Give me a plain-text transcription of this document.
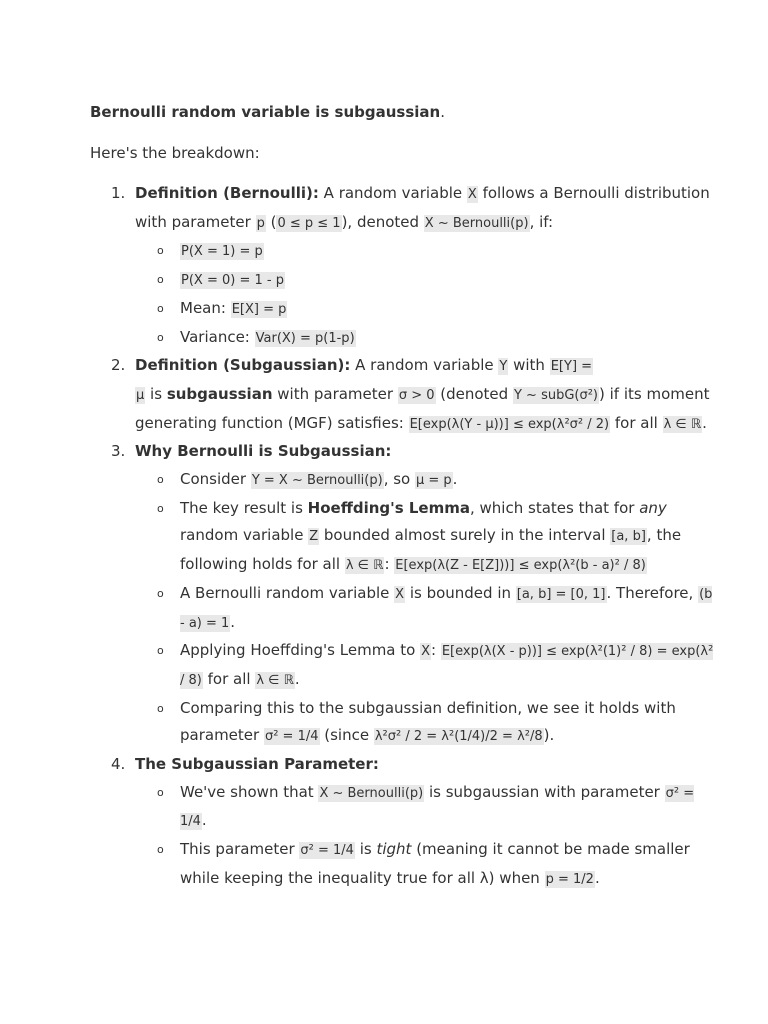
Bernoulli random variable is subgaussian.

Here's the breakdown:

1. Definition (Bernoulli): A random variable X follows a Bernoulli distribution with parameter p (0 ≤ p ≤ 1), denoted X ~ Bernoulli(p), if:
o P(X = 1) = p
o P(X = 0) = 1 - p
o Mean: E[X] = p
o Variance: Var(X) = p(1-p)
2. Definition (Subgaussian): A random variable Y with E[Y] =
μ is subgaussian with parameter σ > 0 (denoted Y ~ subG(σ²)) if its moment generating function (MGF) satisfies: E[exp(λ(Y - μ))] ≤ exp(λ²σ² / 2) for all λ ∈ ℝ.
3. Why Bernoulli is Subgaussian:
o Consider Y = X ~ Bernoulli(p), so μ = p.
o The key result is Hoeffding's Lemma, which states that for any random variable Z bounded almost surely in the interval [a, b], the following holds for all λ ∈ ℝ: E[exp(λ(Z - E[Z]))] ≤ exp(λ²(b - a)² / 8)
o A Bernoulli random variable X is bounded in [a, b] = [0, 1]. Therefore, (b - a) = 1.
o Applying Hoeffding's Lemma to X: E[exp(λ(X - p))] ≤ exp(λ²(1)² / 8) = exp(λ² / 8) for all λ ∈ ℝ.
o Comparing this to the subgaussian definition, we see it holds with parameter σ² = 1/4 (since λ²σ² / 2 = λ²(1/4)/2 = λ²/8).
4. The Subgaussian Parameter:
o We've shown that X ~ Bernoulli(p) is subgaussian with parameter σ² = 1/4.
o This parameter σ² = 1/4 is tight (meaning it cannot be made smaller while keeping the inequality true for all λ) when p = 1/2.
